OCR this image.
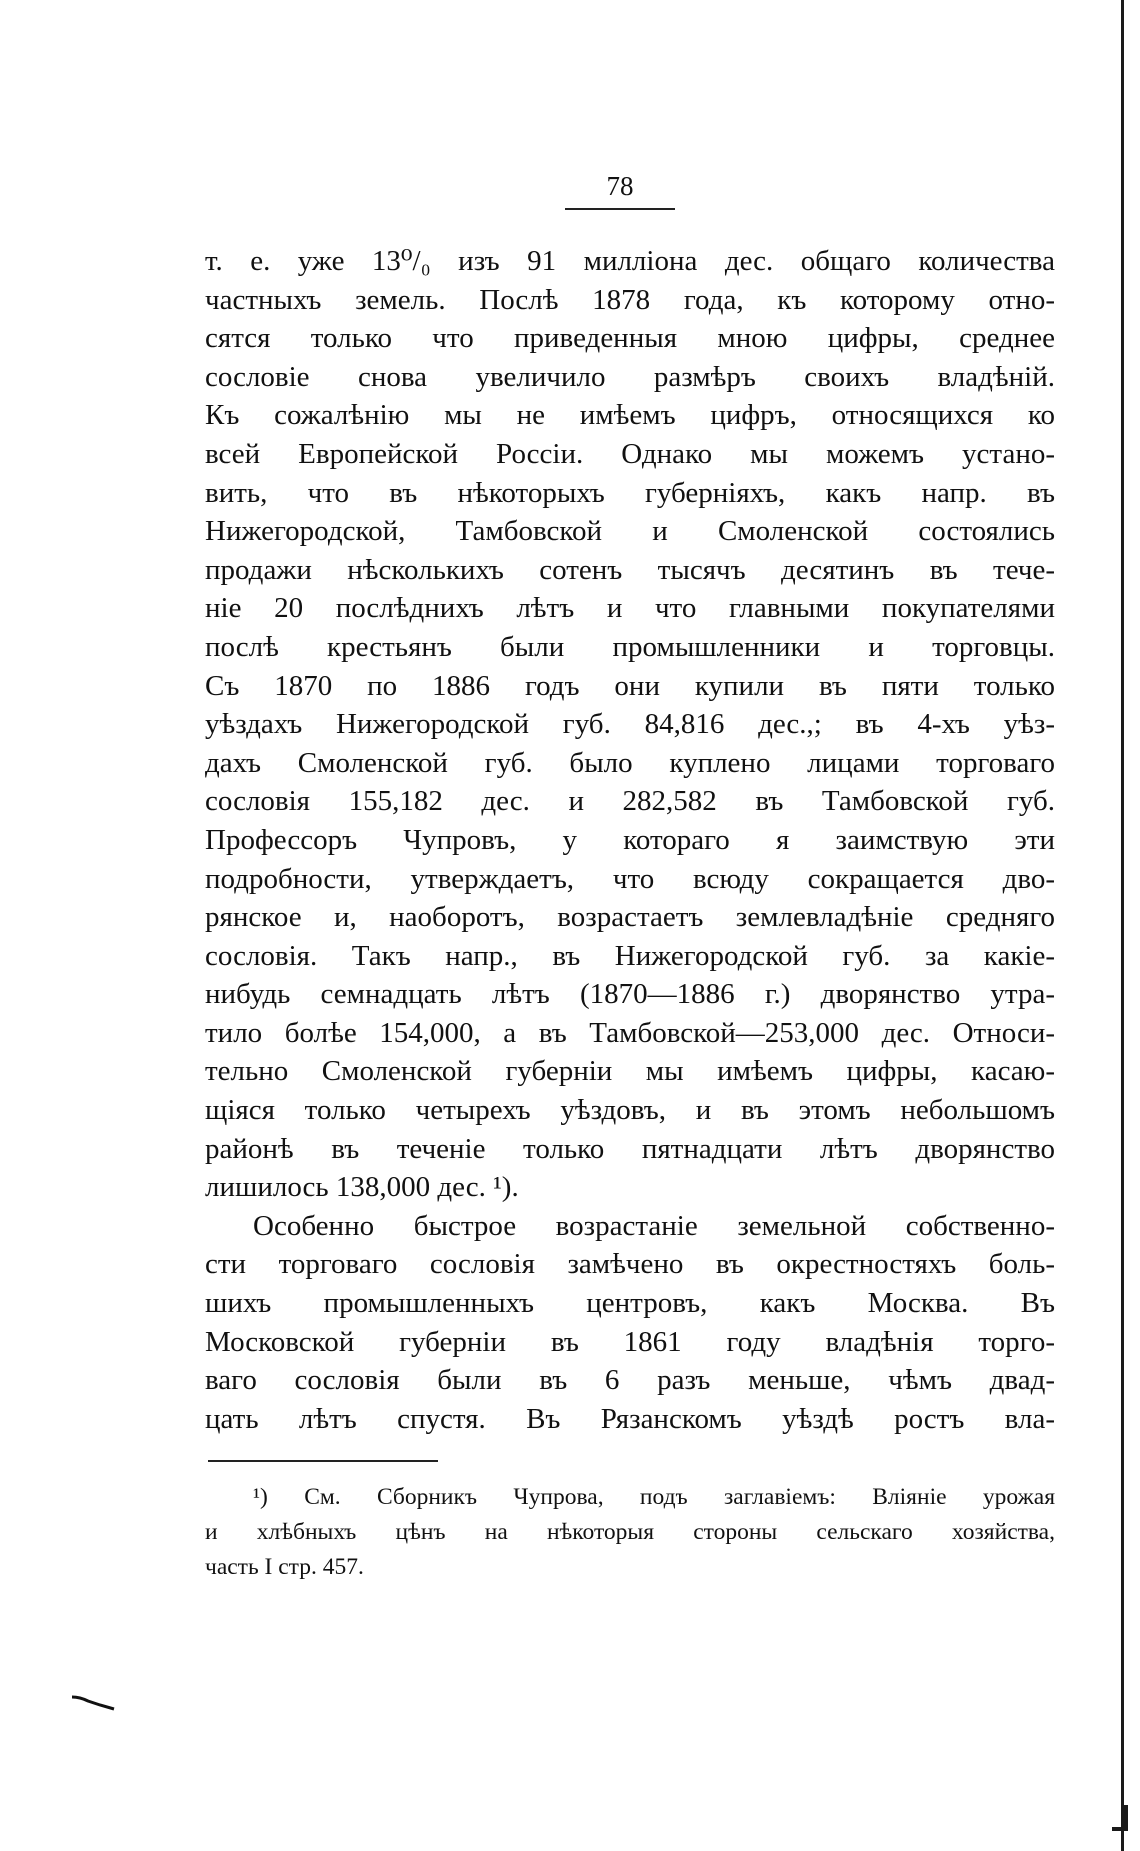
78
т. е. уже 13⁰/₀ изъ 91 милліона дес. общаго количества
частныхъ земель. Послѣ 1878 года, къ которому отно-
сятся только что приведенныя мною цифры, среднее
сословіе снова увеличило размѣръ своихъ владѣній.
Къ сожалѣнію мы не имѣемъ цифръ, относящихся ко
всей Европейской Россіи. Однако мы можемъ устано-
вить, что въ нѣкоторыхъ губерніяхъ, какъ напр. въ
Нижегородской, Тамбовской и Смоленской состоялись
продажи нѣсколькихъ сотенъ тысячъ десятинъ въ тече-
ніе 20 послѣднихъ лѣтъ и что главными покупателями
послѣ крестьянъ были промышленники и торговцы.
Съ 1870 по 1886 годъ они купили въ пяти только
уѣздахъ Нижегородской губ. 84,816 дес.,; въ 4-хъ уѣз-
дахъ Смоленской губ. было куплено лицами торговаго
сословія 155,182 дес. и 282,582 въ Тамбовской губ.
Профессоръ Чупровъ, у котораго я заимствую эти
подробности, утверждаетъ, что всюду сокращается дво-
рянское и, наоборотъ, возрастаетъ землевладѣніе средняго
сословія. Такъ напр., въ Нижегородской губ. за какіе-
нибудь семнадцать лѣтъ (1870—1886 г.) дворянство утра-
тило болѣе 154,000, а въ Тамбовской—253,000 дес. Относи-
тельно Смоленской губерніи мы имѣемъ цифры, касаю-
щіяся только четырехъ уѣздовъ, и въ этомъ небольшомъ
районѣ въ теченіе только пятнадцати лѣтъ дворянство
лишилось 138,000 дес. ¹).
Особенно быстрое возрастаніе земельной собственно-
сти торговаго сословія замѣчено въ окрестностяхъ боль-
шихъ промышленныхъ центровъ, какъ Москва. Въ
Московской губерніи въ 1861 году владѣнія торго-
ваго сословія были въ 6 разъ меньше, чѣмъ двад-
цать лѣтъ спустя. Въ Рязанскомъ уѣздѣ ростъ вла-
¹) См. Сборникъ Чупрова, подъ заглавіемъ: Вліяніе урожая
и хлѣбныхъ цѣнъ на нѣкоторыя стороны сельскаго хозяйства,
часть I стр. 457.
